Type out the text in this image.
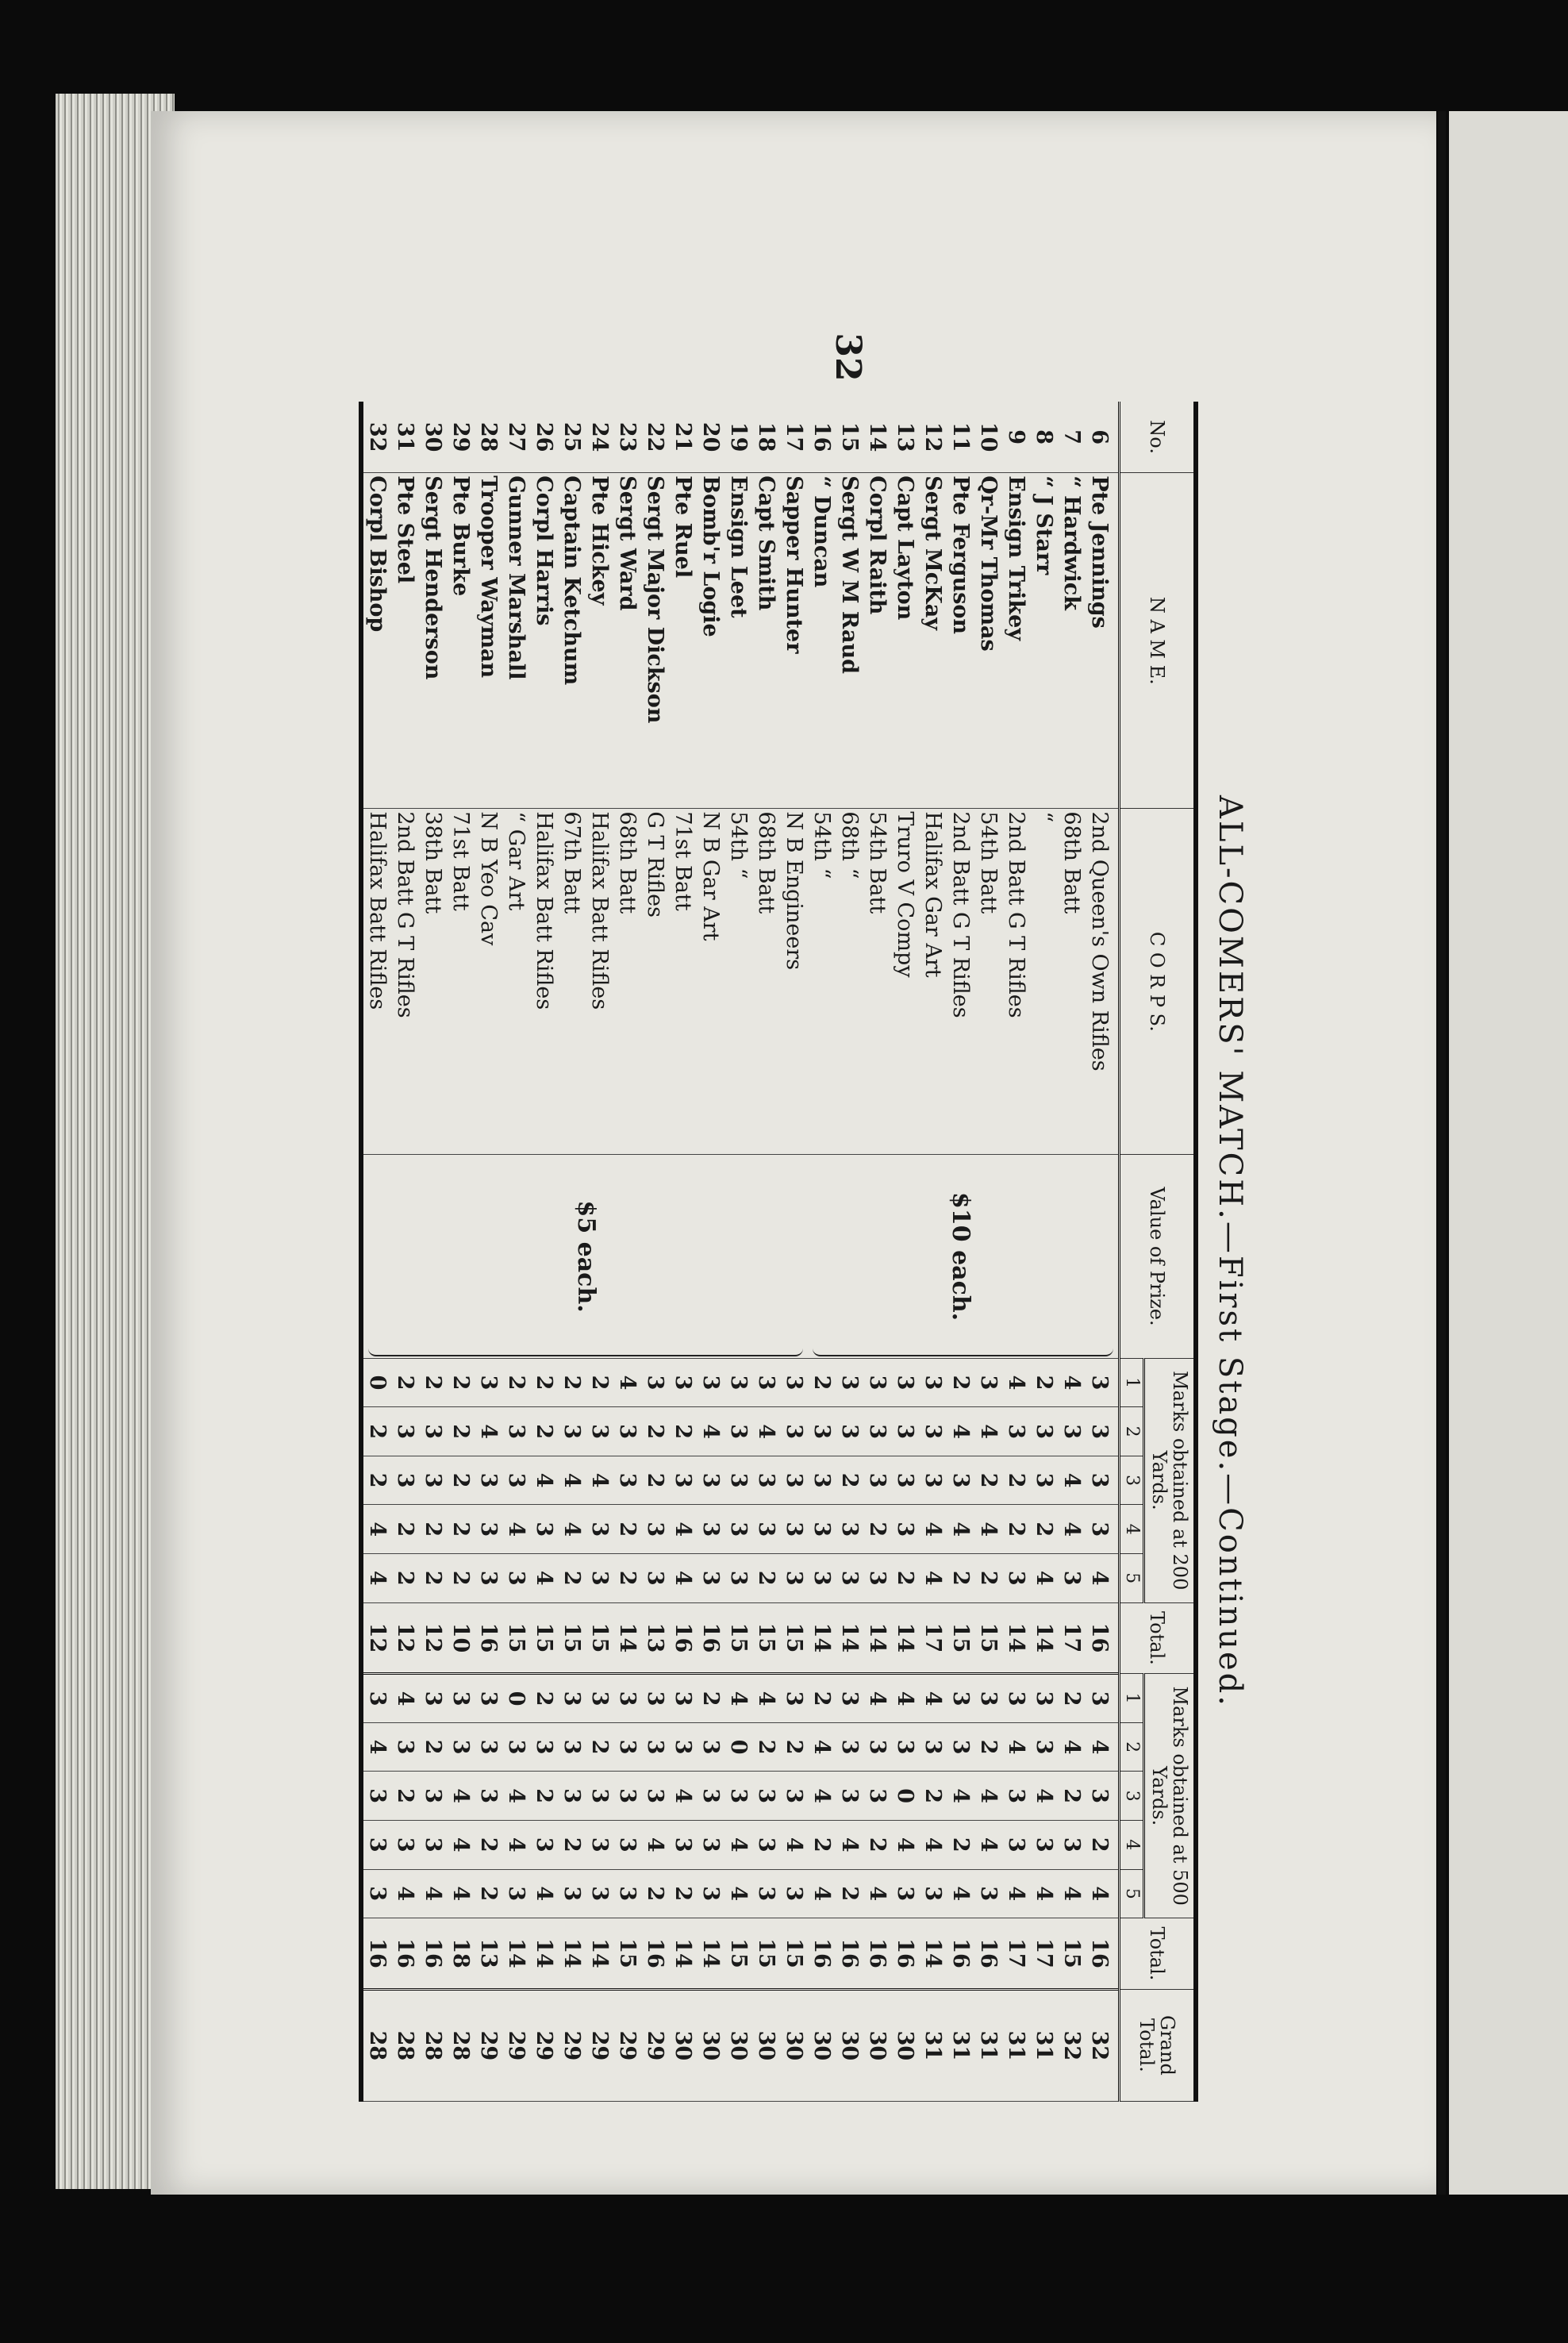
32
ALL-COMERS' MATCH.—First Stage.—Continued.
No.	N A M E.	C O R P S.	Value of Prize.	Marks obtained at 200 Yards.					Total.	Marks obtained at 500 Yards.					Total.	Grand Total.
				1	2	3	4	5		1	2	3	4	5		
6	Pte Jennings	2nd Queen's Own Rifles	$10 each.	3	3	3	3	4	16	3	4	3	2	4	16	32
7	“ Hardwick	68th Batt		4	3	4	4	3	17	2	4	2	3	4	15	32
8	“ J Starr	“		2	3	3	2	4	14	3	3	4	3	4	17	31
9	Ensign Trikey	2nd Batt G T Rifles		4	3	2	2	3	14	3	4	3	3	4	17	31
10	Qr-Mr Thomas	54th Batt		3	4	2	4	2	15	3	2	4	4	3	16	31
11	Pte Ferguson	2nd Batt G T Rifles		2	4	3	4	2	15	3	3	4	2	4	16	31
12	Sergt McKay	Halifax Gar Art		3	3	3	4	4	17	4	3	2	4	3	14	31
13	Capt Layton	Truro V Compy		3	3	3	3	2	14	4	3	0	4	3	16	30
14	Corpl Raith	54th Batt		3	3	3	2	3	14	4	3	3	2	4	16	30
15	Sergt W M Raud	68th “		3	3	2	3	3	14	3	3	3	4	2	16	30
16	“ Duncan	54th “		2	3	3	3	3	14	2	4	4	2	4	16	30
17	Sapper Hunter	N B Engineers	$5 each.	3	3	3	3	3	15	3	2	3	4	3	15	30
18	Capt Smith	68th Batt		3	4	3	3	2	15	4	2	3	3	3	15	30
19	Ensign Leet	54th “		3	3	3	3	3	15	4	0	3	4	4	15	30
20	Bomb'r Logie	N B Gar Art		3	4	3	3	3	16	2	3	3	3	3	14	30
21	Pte Ruel	71st Batt		3	2	3	4	4	16	3	3	4	3	2	14	30
22	Sergt Major Dickson	G T Rifles		3	2	2	3	3	13	3	3	3	4	2	16	29
23	Sergt Ward	68th Batt		4	3	3	2	2	14	3	3	3	3	3	15	29
24	Pte Hickey	Halifax Batt Rifles		2	3	4	3	3	15	3	2	3	3	3	14	29
25	Captain Ketchum	67th Batt		2	3	4	4	2	15	3	3	3	2	3	14	29
26	Corpl Harris	Halifax Batt Rifles		2	2	4	3	4	15	2	3	2	3	4	14	29
27	Gunner Marshall	“ Gar Art		2	3	3	4	3	15	0	3	4	4	3	14	29
28	Trooper Wayman	N B Yeo Cav		3	4	3	3	3	16	3	3	3	2	2	13	29
29	Pte Burke	71st Batt		2	2	2	2	2	10	3	3	4	4	4	18	28
30	Sergt Henderson	38th Batt		2	3	3	2	2	12	3	2	3	3	4	16	28
31	Pte Steel	2nd Batt G T Rifles		2	3	3	2	2	12	4	3	2	3	4	16	28
32	Corpl Bishop	Halifax Batt Rifles		0	2	2	4	4	12	3	4	3	3	3	16	28
